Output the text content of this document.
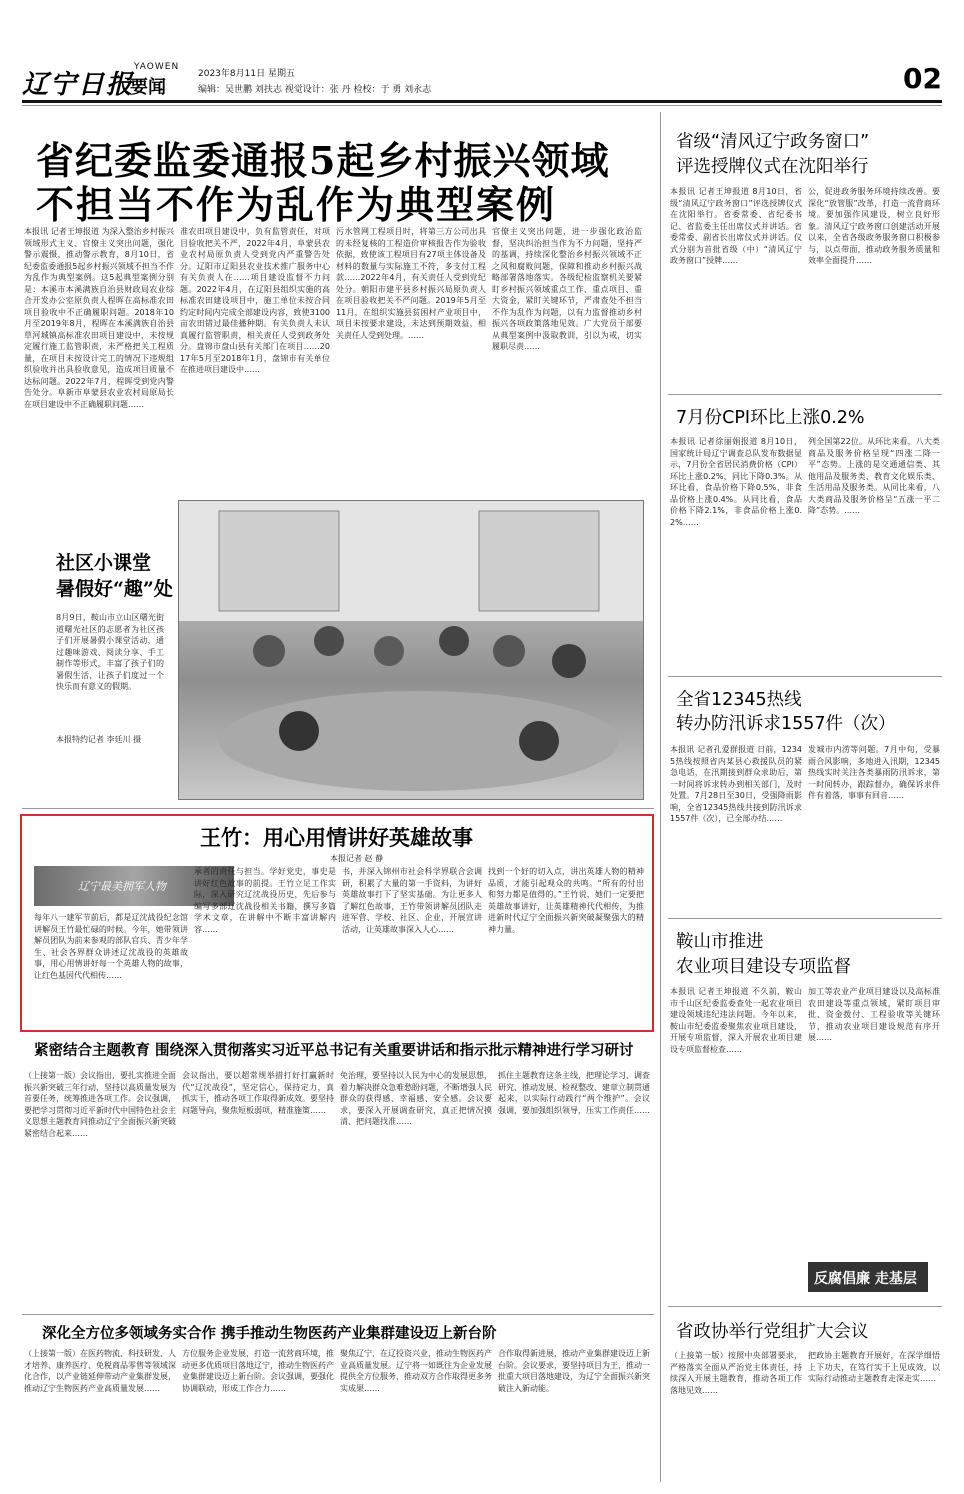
辽宁日报
YAOWEN
要闻
2023年8月11日 星期五
编辑：吴世鹏 刘扶志 视觉设计：张 丹 检校：于 勇 刘永志	02
省纪委监委通报5起乡村振兴领域
不担当不作为乱作为典型案例
本报讯 记者王坤报道 为深入整治乡村振兴领域形式主义、官僚主义突出问题，强化警示震慑，推动警示教育，8月10日，省纪委监委通报5起乡村振兴领域不担当不作为乱作为典型案例。这5起典型案例分别是：本溪市本溪满族自治县财政局农业综合开发办公室原负责人程晖在高标准农田项目验收中不正确履职问题。2018年10月至2019年8月，程晖在本溪满族自治县草河城镇高标准农田项目建设中，未按规定履行施工监管职责，未严格把关工程质量，在项目未按设计完工的情况下违规组织验收并出具验收意见，造成项目质量不达标问题。2022年7月，程晖受到党内警告处分。阜新市阜蒙县农业农村局原局长在项目建设中不正确履职问题……
准农田项目建设中，负有监管责任，对项目验收把关不严，2022年4月，阜蒙县农业农村局原负责人受到党内严重警告处分。辽阳市辽阳县农业技术推广服务中心有关负责人在……项目建设监督不力问题。2022年4月，在辽阳县组织实施的高标准农田建设项目中，施工单位未按合同约定时间内完成全部建设内容，致使3100亩农田错过最佳播种期。有关负责人未认真履行监管职责，相关责任人受到政务处分。盘锦市盘山县有关部门在项目……2017年5月至2018年1月，盘锦市有关单位在推进项目建设中……
污水管网工程项目时，将第三方公司出具的未经复核的工程造价审核报告作为验收依据，致使该工程项目有27项主体设备及材料的数量与实际施工不符，多支付工程款……2022年4月，有关责任人受到党纪处分。朝阳市建平县乡村振兴局原负责人在项目验收把关不严问题。2019年5月至11月，在组织实施县贫困村产业项目中，项目未按要求建设，未达到预期效益，相关责任人受到处理。……
官僚主义突出问题，进一步强化政治监督，坚决纠治担当作为不力问题，坚持严的基调，持续深化整治乡村振兴领域不正之风和腐败问题，保障和推动乡村振兴战略部署落地落实。各级纪检监察机关要紧盯乡村振兴领域重点工作、重点项目、重大资金，紧盯关键环节，严肃查处不担当不作为乱作为问题，以有力监督推动乡村振兴各项政策落地见效。广大党员干部要从典型案例中汲取教训，引以为戒，切实履职尽责……
社区小课堂
暑假好“趣”处
8月9日，鞍山市立山区曙光街道曙光社区的志愿者为社区孩子们开展暑假小课堂活动，通过趣味游戏、阅读分享、手工制作等形式，丰富了孩子们的暑假生活，让孩子们度过一个快乐而有意义的假期。
本报特约记者 李廷川 摄
王竹：用心用情讲好英雄故事
本报记者 赵 静
辽宁最美拥军人物
每年八一建军节前后，都是辽沈战役纪念馆讲解员王竹最忙碌的时候。今年，她带领讲解员团队为前来参观的部队官兵、青少年学生、社会各界群众讲述辽沈战役的英雄故事，用心用情讲好每一个英雄人物的故事，让红色基因代代相传……
承者的责任与担当。学好党史，事史是讲好红色故事的前提。王竹立足工作实际，深入研究辽沈战役历史，先后参与编写多部辽沈战役相关书籍，撰写多篇学术文章，在讲解中不断丰富讲解内容……
书，并深入锦州市社会科学界联合会调研，积累了大量的第一手资料，为讲好英雄故事打下了坚实基础。为让更多人了解红色故事，王竹带领讲解员团队走进军营、学校、社区、企业，开展宣讲活动，让英雄故事深入人心……
找到一个好的切入点，讲出英雄人物的精神品质，才能引起观众的共鸣。“所有的付出和努力都是值得的。”王竹说，她们一定要把英雄故事讲好，让英雄精神代代相传，为推进新时代辽宁全面振兴新突破凝聚强大的精神力量。
紧密结合主题教育 围绕深入贯彻落实习近平总书记有关重要讲话和指示批示精神进行学习研讨
（上接第一版）会议指出，要扎实推进全面振兴新突破三年行动，坚持以高质量发展为首要任务，统筹推进各项工作。会议强调，要把学习贯彻习近平新时代中国特色社会主义思想主题教育同推动辽宁全面振兴新突破紧密结合起来……
会议指出，要以超常规举措打好打赢新时代“辽沈战役”，坚定信心，保持定力，真抓实干，推动各项工作取得新成效。要坚持问题导向，聚焦短板弱项，精准施策……
免治理，要坚持以人民为中心的发展思想，着力解决群众急难愁盼问题，不断增强人民群众的获得感、幸福感、安全感。会议要求，要深入开展调查研究，真正把情况摸清、把问题找准……
抓住主题教育这条主线，把理论学习、调查研究、推动发展、检视整改、建章立制贯通起来，以实际行动践行“两个维护”。会议强调，要加强组织领导，压实工作责任……
深化全方位多领域务实合作 携手推动生物医药产业集群建设迈上新台阶
（上接第一版）在医药物流、科技研发、人才培养、康养医疗、免税商品零售等领域深化合作，以产业链延伸带动产业集群发展，推动辽宁生物医药产业高质量发展……
方位服务企业发展，打造一流营商环境，推动更多优质项目落地辽宁，推动生物医药产业集群建设迈上新台阶。会议强调，要强化协调联动，形成工作合力……
聚焦辽宁，在辽投资兴业，推动生物医药产业高质量发展。辽宁将一如既往为企业发展提供全方位服务，推动双方合作取得更多务实成果……
合作取得新进展，推动产业集群建设迈上新台阶。会议要求，要坚持项目为王，推动一批重大项目落地建设，为辽宁全面振兴新突破注入新动能。
省级“清风辽宁政务窗口”
评选授牌仪式在沈阳举行
本报讯 记者王坤报道 8月10日，省级“清风辽宁政务窗口”评选授牌仪式在沈阳举行。省委常委、省纪委书记、省监委主任出席仪式并讲话。省委常委、副省长出席仪式并讲话。仪式分别为首批省级（中）“清风辽宁政务窗口”授牌……
公，促进政务服务环境持续改善。要深化“放管服”改革，打造一流营商环境。要加强作风建设，树立良好形象。清风辽宁政务窗口创建活动开展以来，全省各级政务服务窗口积极参与，以点带面，推动政务服务质量和效率全面提升……
7月份CPI环比上涨0.2%
本报讯 记者徐丽娟报道 8月10日，国家统计局辽宁调查总队发布数据显示，7月份全省居民消费价格（CPI）环比上涨0.2%，同比下降0.3%。从环比看，食品价格下降0.5%，非食品价格上涨0.4%。从同比看，食品价格下降2.1%，非食品价格上涨0.2%……
列全国第22位。从环比来看，八大类商品及服务价格呈现“四涨二降一平”态势。上涨的是交通通信类、其他用品及服务类、教育文化娱乐类、生活用品及服务类。从同比来看，八大类商品及服务价格呈“五涨一平二降”态势。……
全省12345热线
转办防汛诉求1557件（次）
本报讯 记者孔爱群报道 日前，12345热线按照省内某县心救援队员的紧急电话，在汛期接到群众求助后，第一时间将诉求转办到相关部门，及时处置。7月28日至30日，受强降雨影响，全省12345热线共接到防汛诉求1557件（次），已全部办结……
发城市内涝等问题。7月中旬，受暴雨合风影响，多地进入汛期，12345热线实时关注各类暴雨防汛诉求，第一时间转办，跟踪督办，确保诉求件件有着落，事事有回音……
鞍山市推进
农业项目建设专项监督
本报讯 记者王坤报道 不久前，鞍山市千山区纪委监委查处一起农业项目建设领域违纪违法问题。今年以来，鞍山市纪委监委聚焦农业项目建设，开展专项监督，深入开展农业项目建设专项监督检查……
加工等农业产业项目建设以及高标准农田建设等重点领域，紧盯项目审批、资金拨付、工程验收等关键环节，推动农业项目建设规范有序开展……
反腐倡廉 走基层
省政协举行党组扩大会议
（上接第一版）按照中央部署要求，严格落实全面从严治党主体责任，持续深入开展主题教育，推动各项工作落地见效……
把政协主题教育开展好，在深学细悟上下功夫，在笃行实干上见成效，以实际行动推动主题教育走深走实……
